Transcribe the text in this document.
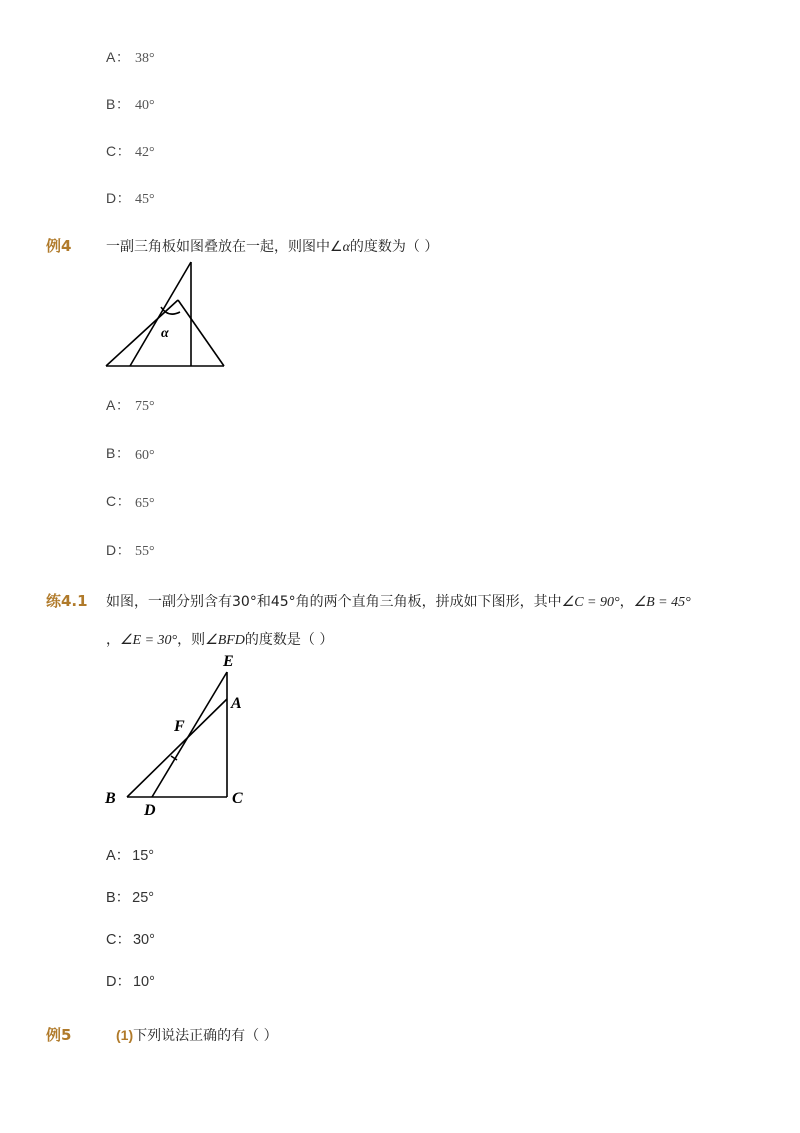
A： 38°
B： 40°
C： 42°
D： 45°
例4 一副三角板如图叠放在一起，则图中∠α的度数为（ ）
α
A： 75°
B： 60°
C： 65°
D： 55°
练4.1 如图，一副分别含有30°和45°角的两个直角三角板，拼成如下图形，其中∠C = 90°，∠B = 45°
，∠E = 30°，则∠BFD的度数是（ ）
E
A
F
B
D
C
A： 15°
B： 25°
C： 30°
D： 10°
例5	(1)下列说法正确的有（ ）
